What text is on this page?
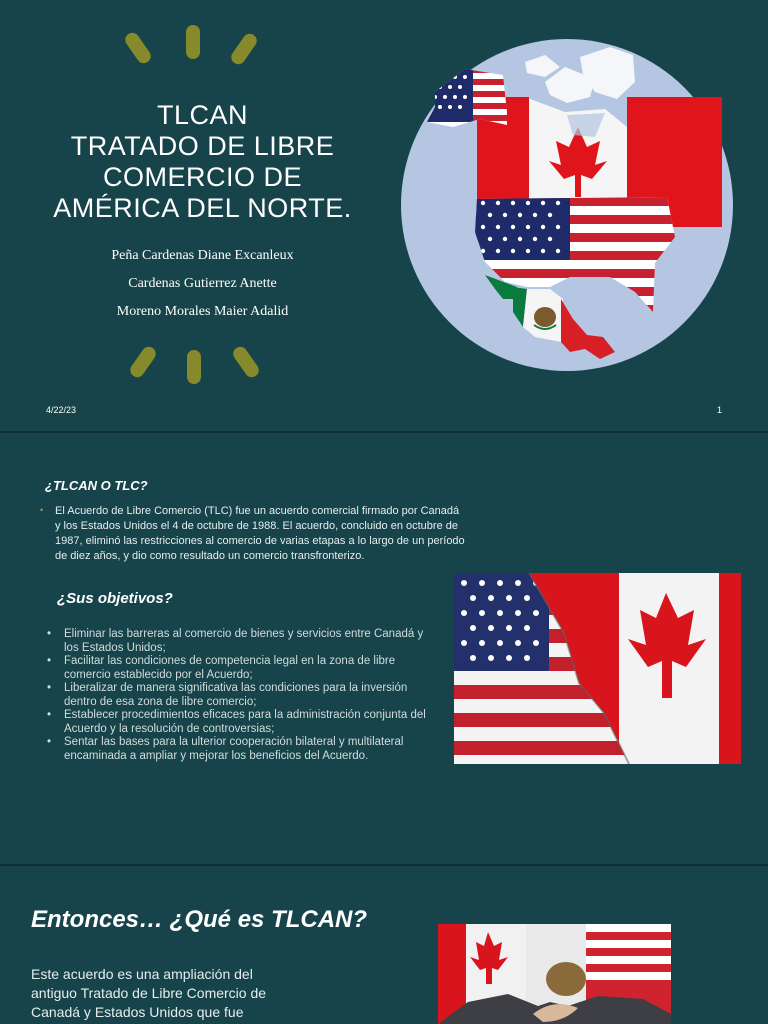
TLCAN
TRATADO DE LIBRE
COMERCIO DE
AMÉRICA DEL NORTE.
Peña Cardenas Diane Excanleux
Cardenas Gutierrez Anette
Moreno Morales Maier Adalid
4/22/23	1
¿TLCAN O TLC?
• El Acuerdo de Libre Comercio (TLC) fue un acuerdo comercial firmado por Canadá y los Estados Unidos el 4 de octubre de 1988. El acuerdo, concluido en octubre de 1987, eliminó las restricciones al comercio de varias etapas a lo largo de un período de diez años, y dio como resultado un comercio transfronterizo.
¿Sus objetivos?
• Eliminar las barreras al comercio de bienes y servicios entre Canadá y los Estados Unidos;
• Facilitar las condiciones de competencia legal en la zona de libre comercio establecido por el Acuerdo;
• Liberalizar de manera significativa las condiciones para la inversión dentro de esa zona de libre comercio;
• Establecer procedimientos eficaces para la administración conjunta del Acuerdo y la resolución de controversias;
• Sentar las bases para la ulterior cooperación bilateral y multilateral encaminada a ampliar y mejorar los beneficios del Acuerdo.
Entonces… ¿Qué es TLCAN?
Este acuerdo es una ampliación del antiguo Tratado de Libre Comercio de Canadá y Estados Unidos que fue
